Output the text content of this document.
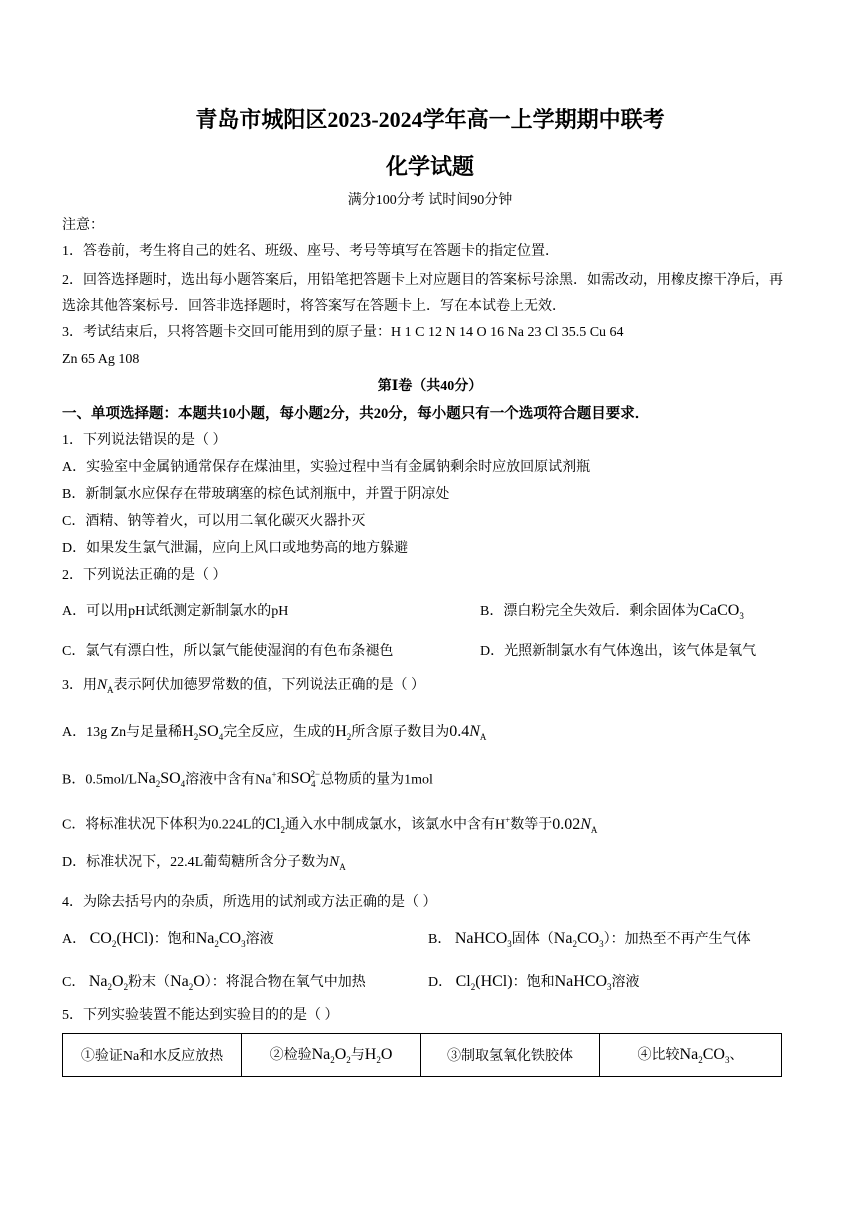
青岛市城阳区2023-2024学年高一上学期期中联考
化学试题
满分100分考 试时间90分钟
注意：
1．答卷前，考生将自己的姓名、班级、座号、考号等填写在答题卡的指定位置．
2．回答选择题时，选出每小题答案后，用铅笔把答题卡上对应题目的答案标号涂黑．如需改动，用橡皮擦干净后，再选涂其他答案标号．回答非选择题时，将答案写在答题卡上．写在本试卷上无效．
3．考试结束后，只将答题卡交回可能用到的原子量：H 1 C 12 N 14 O 16 Na 23 Cl 35.5 Cu 64
Zn 65 Ag 108
第Ⅰ卷（共40分）
一、单项选择题：本题共10小题，每小题2分，共20分，每小题只有一个选项符合题目要求．
1．下列说法错误的是（ ）
A．实验室中金属钠通常保存在煤油里，实验过程中当有金属钠剩余时应放回原试剂瓶
B．新制氯水应保存在带玻璃塞的棕色试剂瓶中，并置于阴凉处
C．酒精、钠等着火，可以用二氧化碳灭火器扑灭
D．如果发生氯气泄漏，应向上风口或地势高的地方躲避
2．下列说法正确的是（ ）
A．可以用pH试纸测定新制氯水的pH	B．漂白粉完全失效后．剩余固体为CaCO$_3$
C．氯气有漂白性，所以氯气能使湿润的有色布条褪色	D．光照新制氯水有气体逸出，该气体是氧气
3．用$N_A$表示阿伏加德罗常数的值，下列说法正确的是（ ）
A．13g Zn与足量稀$H_2SO_4$完全反应，生成的$H_2$所含原子数目为$0.4N_A$
B．$0.5mol/LNa_2SO_4$溶液中含有Na+和$SO_4^{2-}$总物质的量为1mol
C．将标准状况下体积为0.224L的$Cl_2$通入水中制成氯水，该氯水中含有H+数等于$0.02N_A$
D．标准状况下，22.4L葡萄糖所含分子数为$N_A$
4．为除去括号内的杂质，所选用的试剂或方法正确的是（ ）
A． $CO_2(HCl)$：饱和$Na_2CO_3$溶液	B． NaHCO$_3$固体$(Na_2CO_3)$：加热至不再产生气体
C． $Na_2O_2$粉末$(Na_2O)$：将混合物在氧气中加热	D． $Cl_2(HCl)$：饱和NaHCO$_3$溶液
5．下列实验装置不能达到实验目的的是（ ）
①验证Na和水反应放热	②检验$Na_2O_2$与$H_2O$	③制取氢氧化铁胶体	④比较$Na_2CO_3$、
